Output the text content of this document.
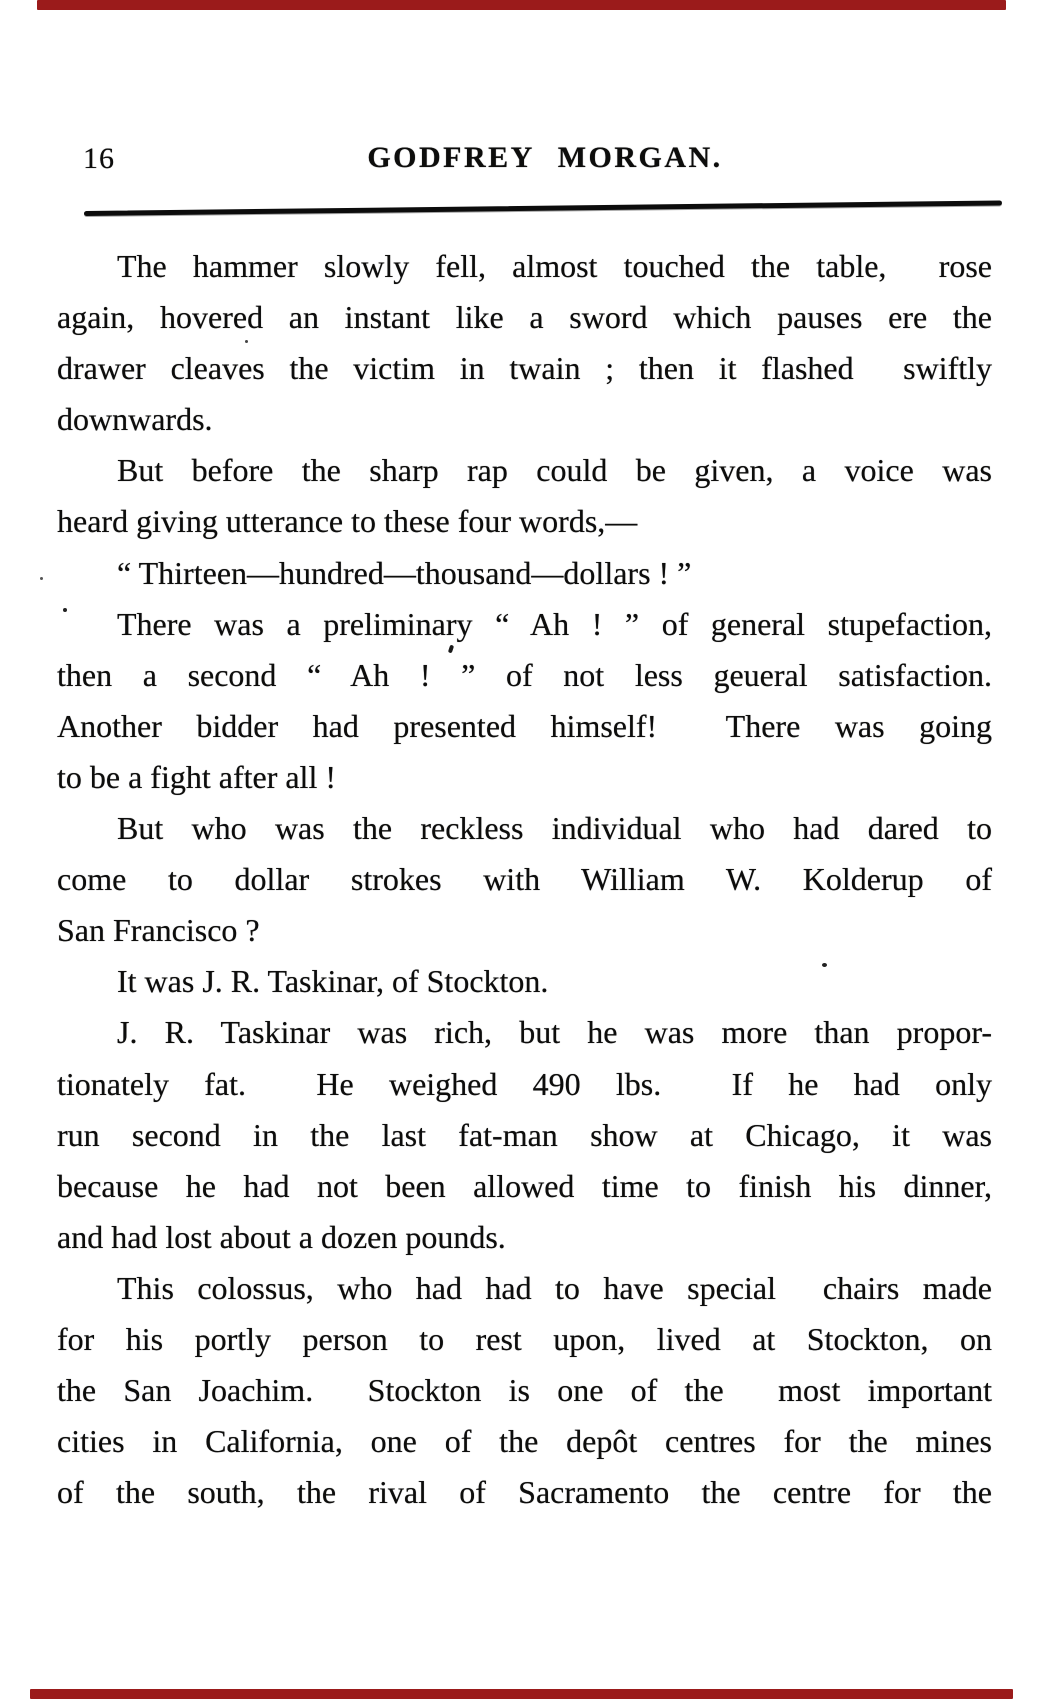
16	GODFREY MORGAN.
The hammer slowly fell, almost touched the table,  rose
again, hovered an instant like a sword which pauses ere the
drawer cleaves the victim in twain ; then it flashed  swiftly
downwards.
But before the sharp rap could be given, a voice was
heard giving utterance to these four words,—
“ Thirteen—hundred—thousand—dollars ! ”
There was a preliminary “ Ah ! ” of general stupefaction,
then a second “ Ah ! ” of not less geueral satisfaction.
Another bidder had presented himself!  There was going
to be a fight after all !
But who was the reckless individual who had dared to
come to dollar strokes with William W. Kolderup of
San Francisco ?
It was J. R. Taskinar, of Stockton.
J. R. Taskinar was rich, but he was more than propor-
tionately fat.  He weighed 490 lbs.  If he had only
run second in the last fat-man show at Chicago, it was
because he had not been allowed time to finish his dinner,
and had lost about a dozen pounds.
This colossus, who had had to have special  chairs made
for his portly person to rest upon, lived at Stockton, on
the San Joachim.  Stockton is one of the  most important
cities in California, one of the depôt centres for the mines
of the south, the rival of Sacramento the centre for the
